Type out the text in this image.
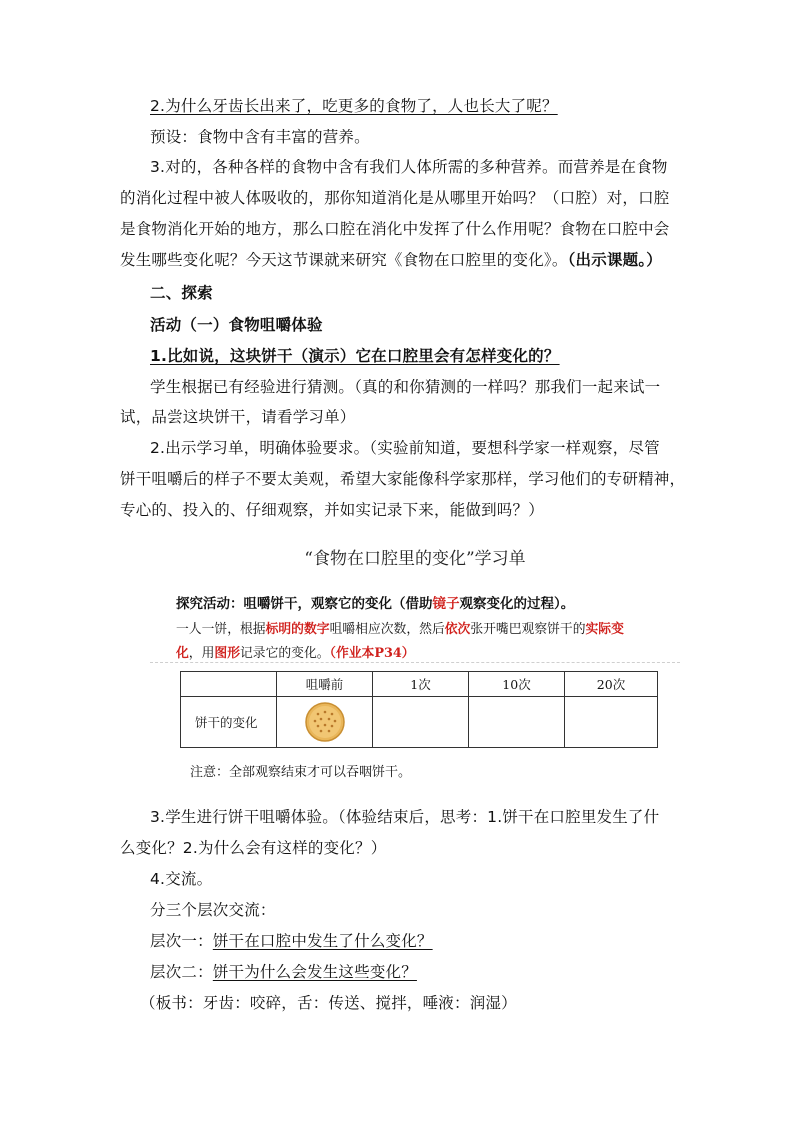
2.为什么牙齿长出来了，吃更多的食物了，人也长大了呢？
预设：食物中含有丰富的营养。
3.对的，各种各样的食物中含有我们人体所需的多种营养。而营养是在食物
的消化过程中被人体吸收的，那你知道消化是从哪里开始吗？（口腔）对，口腔
是食物消化开始的地方，那么口腔在消化中发挥了什么作用呢？食物在口腔中会
发生哪些变化呢？今天这节课就来研究《食物在口腔里的变化》。（出示课题。）
二、探索
活动（一）食物咀嚼体验
1.比如说，这块饼干（演示）它在口腔里会有怎样变化的？
学生根据已有经验进行猜测。（真的和你猜测的一样吗？那我们一起来试一
试，品尝这块饼干，请看学习单）
2.出示学习单，明确体验要求。（实验前知道，要想科学家一样观察，尽管
饼干咀嚼后的样子不要太美观，希望大家能像科学家那样，学习他们的专研精神，
专心的、投入的、仔细观察，并如实记录下来，能做到吗？）
“食物在口腔里的变化”学习单
探究活动：咀嚼饼干，观察它的变化（借助镜子观察变化的过程）。
一人一饼，根据标明的数字咀嚼相应次数，然后依次张开嘴巴观察饼干的实际变
化，用图形记录它的变化。（作业本P34）
	咀嚼前	1次	10次	20次
饼干的变化				
注意：全部观察结束才可以吞咽饼干。
3.学生进行饼干咀嚼体验。（体验结束后，思考：1.饼干在口腔里发生了什
么变化？2.为什么会有这样的变化？）
4.交流。
分三个层次交流：
层次一：饼干在口腔中发生了什么变化？
层次二：饼干为什么会发生这些变化？
（板书：牙齿：咬碎，舌：传送、搅拌，唾液：润湿）
